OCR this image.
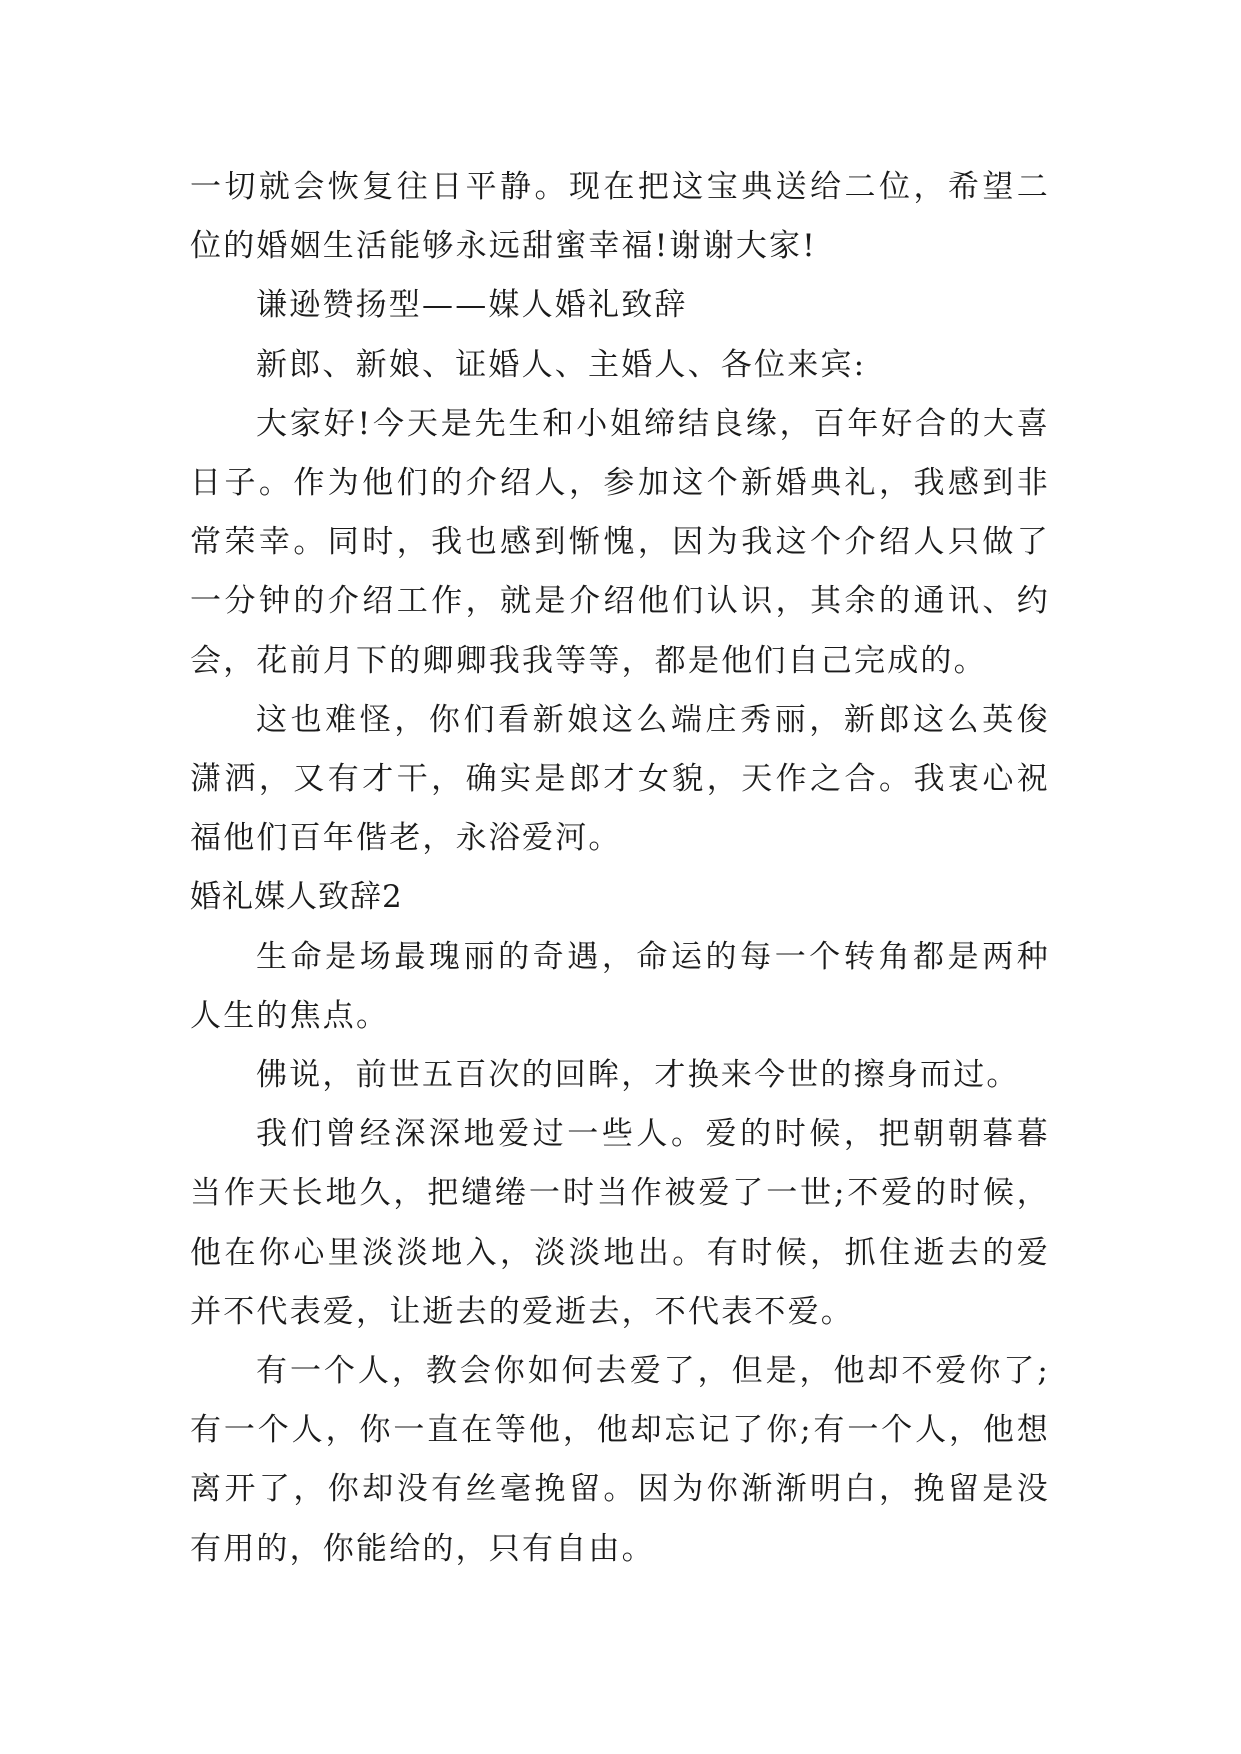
一切就会恢复往日平静。现在把这宝典送给二位，希望二位的婚姻生活能够永远甜蜜幸福!谢谢大家!

谦逊赞扬型——媒人婚礼致辞

新郎、新娘、证婚人、主婚人、各位来宾:

大家好!今天是先生和小姐缔结良缘，百年好合的大喜日子。作为他们的介绍人，参加这个新婚典礼，我感到非常荣幸。同时，我也感到惭愧，因为我这个介绍人只做了一分钟的介绍工作，就是介绍他们认识，其余的通讯、约会，花前月下的卿卿我我等等，都是他们自己完成的。

这也难怪，你们看新娘这么端庄秀丽，新郎这么英俊潇洒，又有才干，确实是郎才女貌，天作之合。我衷心祝福他们百年偕老，永浴爱河。

婚礼媒人致辞2

生命是场最瑰丽的奇遇，命运的每一个转角都是两种人生的焦点。

佛说，前世五百次的回眸，才换来今世的擦身而过。

我们曾经深深地爱过一些人。爱的时候，把朝朝暮暮当作天长地久，把缱绻一时当作被爱了一世;不爱的时候，他在你心里淡淡地入，淡淡地出。有时候，抓住逝去的爱并不代表爱，让逝去的爱逝去，不代表不爱。

有一个人，教会你如何去爱了，但是，他却不爱你了;有一个人，你一直在等他，他却忘记了你;有一个人，他想离开了，你却没有丝毫挽留。因为你渐渐明白，挽留是没有用的，你能给的，只有自由。
